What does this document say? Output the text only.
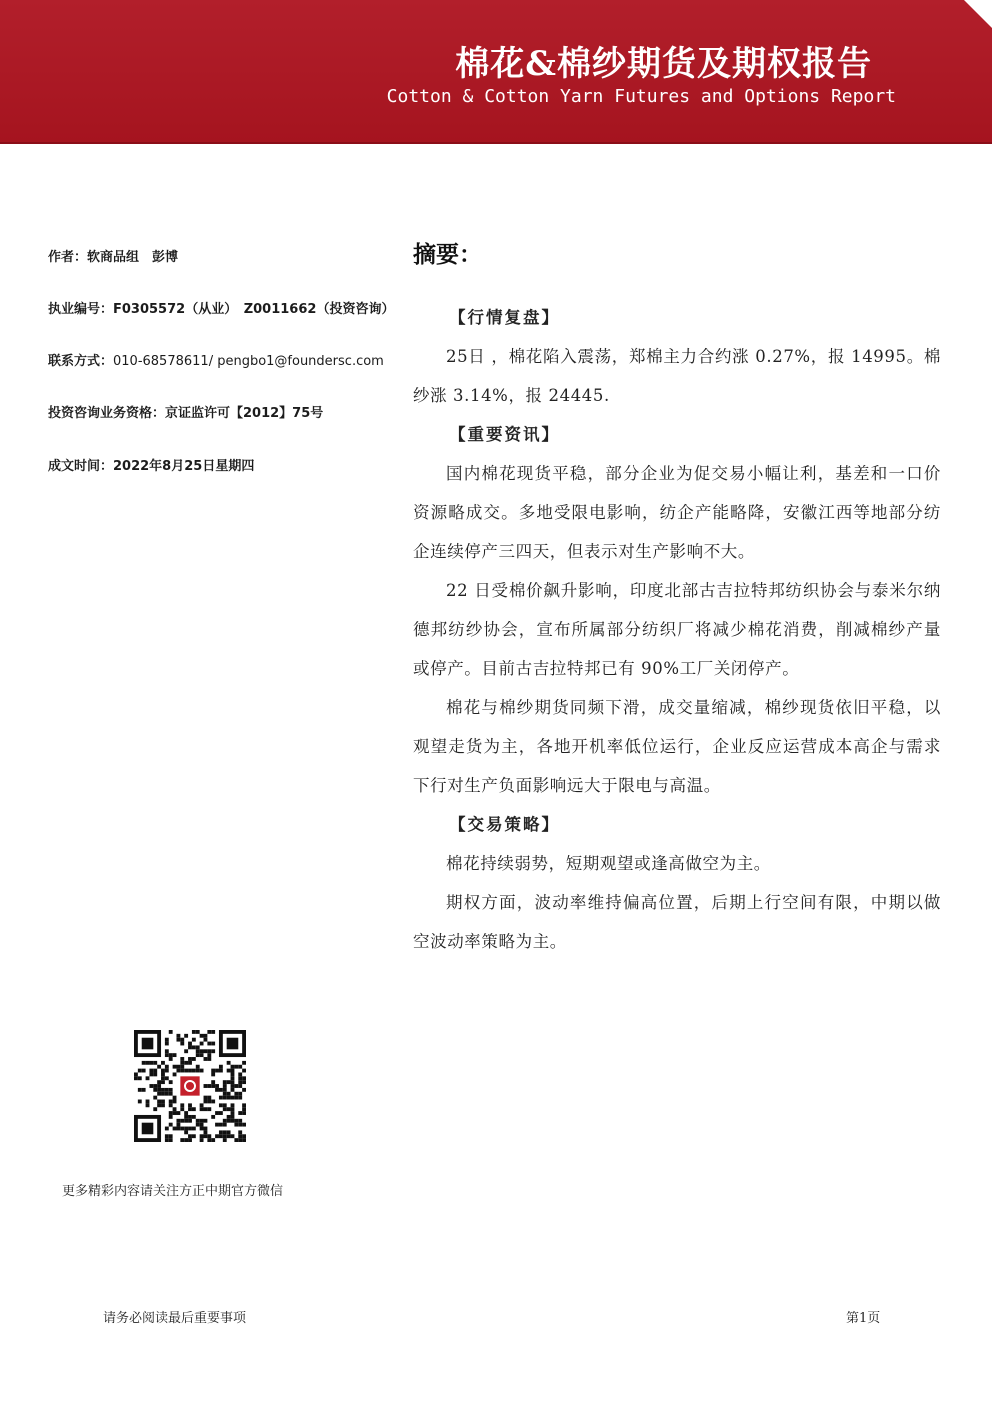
棉花&棉纱期货及期权报告
Cotton & Cotton Yarn Futures and Options Report
作者：软商品组　彭博
执业编号：F0305572（从业）　Z0011662（投资咨询）
联系方式：010-68578611/ pengbo1@foundersc.com
投资咨询业务资格：京证监许可【2012】75号
成文时间：2022年8月25日星期四
更多精彩内容请关注方正中期官方微信
摘要：
【行情复盘】

25日 ，棉花陷入震荡，郑棉主力合约涨 0.27%，报 14995。棉纱涨 3.14%，报 24445.

【重要资讯】

国内棉花现货平稳，部分企业为促交易小幅让利，基差和一口价资源略成交。多地受限电影响，纺企产能略降，安徽江西等地部分纺企连续停产三四天，但表示对生产影响不大。

22 日受棉价飙升影响，印度北部古吉拉特邦纺织协会与泰米尔纳德邦纺纱协会，宣布所属部分纺织厂将减少棉花消费，削减棉纱产量或停产。目前古吉拉特邦已有 90%工厂关闭停产。

棉花与棉纱期货同频下滑，成交量缩减，棉纱现货依旧平稳，以观望走货为主，各地开机率低位运行，企业反应运营成本高企与需求下行对生产负面影响远大于限电与高温。

【交易策略】

棉花持续弱势，短期观望或逢高做空为主。

期权方面，波动率维持偏高位置，后期上行空间有限，中期以做空波动率策略为主。

请务必阅读最后重要事项	第1页
